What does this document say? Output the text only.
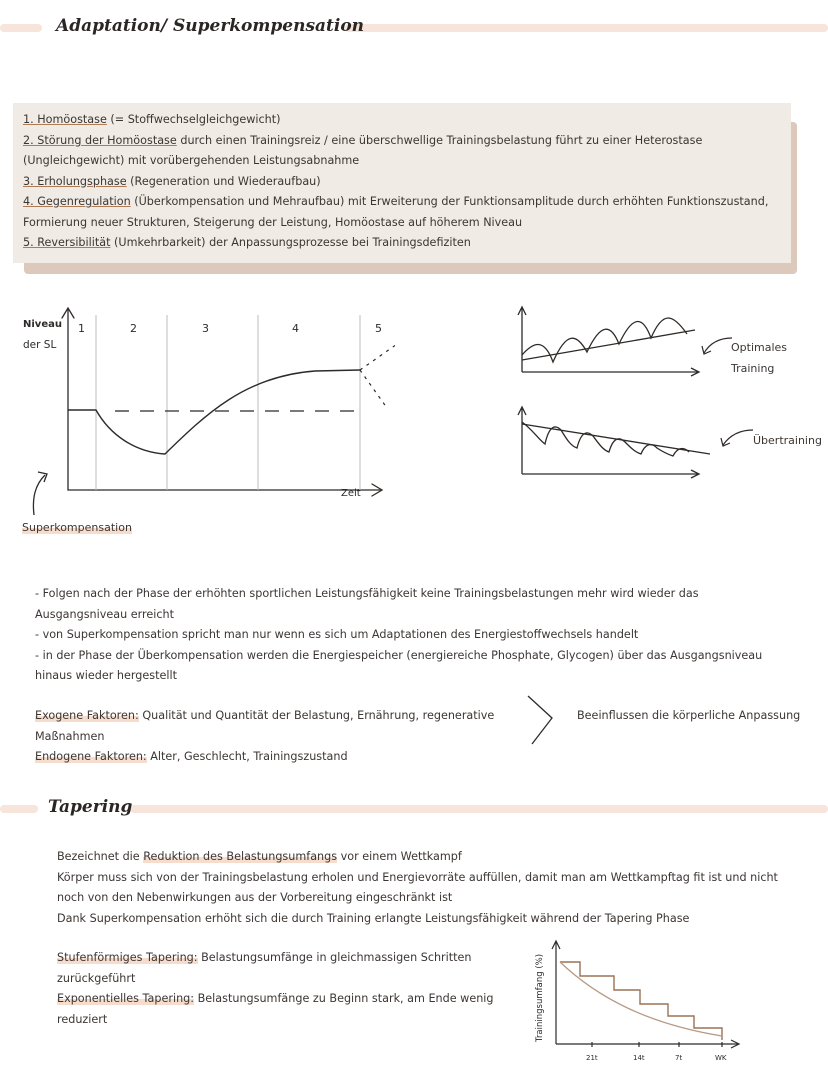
Adaptation/ Superkompensation

1. Homöostase (= Stoffwechselgleichgewicht)

2. Störung der Homöostase durch einen Trainingsreiz / eine überschwellige Trainingsbelastung führt zu einer Heterostase (Ungleichgewicht) mit vorübergehenden Leistungsabnahme

3. Erholungsphase (Regeneration und Wiederaufbau)

4. Gegenregulation (Überkompensation und Mehraufbau) mit Erweiterung der Funktionsamplitude durch erhöhten Funktionszustand, Formierung neuer Strukturen, Steigerung der Leistung, Homöostase auf höherem Niveau

5. Reversibilität (Umkehrbarkeit) der Anpassungsprozesse bei Trainingsdefiziten

1	2	3	4	5
Niveau
der SL
Zeit
Superkompensation
Optimales Training
Übertraining

- Folgen nach der Phase der erhöhten sportlichen Leistungsfähigkeit keine Trainingsbelastungen mehr wird wieder das Ausgangsniveau erreicht

- von Superkompensation spricht man nur wenn es sich um Adaptationen des Energiestoffwechsels handelt

- in der Phase der Überkompensation werden die Energiespeicher (energiereiche Phosphate, Glycogen) über das Ausgangsniveau hinaus wieder hergestellt

Exogene Faktoren: Qualität und Quantität der Belastung, Ernährung, regenerative Maßnahmen

Endogene Faktoren: Alter, Geschlecht, Trainingszustand

Beeinflussen die körperliche Anpassung
Tapering

Bezeichnet die Reduktion des Belastungsumfangs vor einem Wettkampf

Körper muss sich von der Trainingsbelastung erholen und Energievorräte auffüllen, damit man am Wettkampftag fit ist und nicht noch von den Nebenwirkungen aus der Vorbereitung eingeschränkt ist

Dank Superkompensation erhöht sich die durch Training erlangte Leistungsfähigkeit während der Tapering Phase

Stufenförmiges Tapering: Belastungsumfänge in gleichmassigen Schritten zurückgeführt

Exponentielles Tapering: Belastungsumfänge zu Beginn stark, am Ende wenig reduziert	Trainingsumfang (%)
21t	14t	7t	WK
